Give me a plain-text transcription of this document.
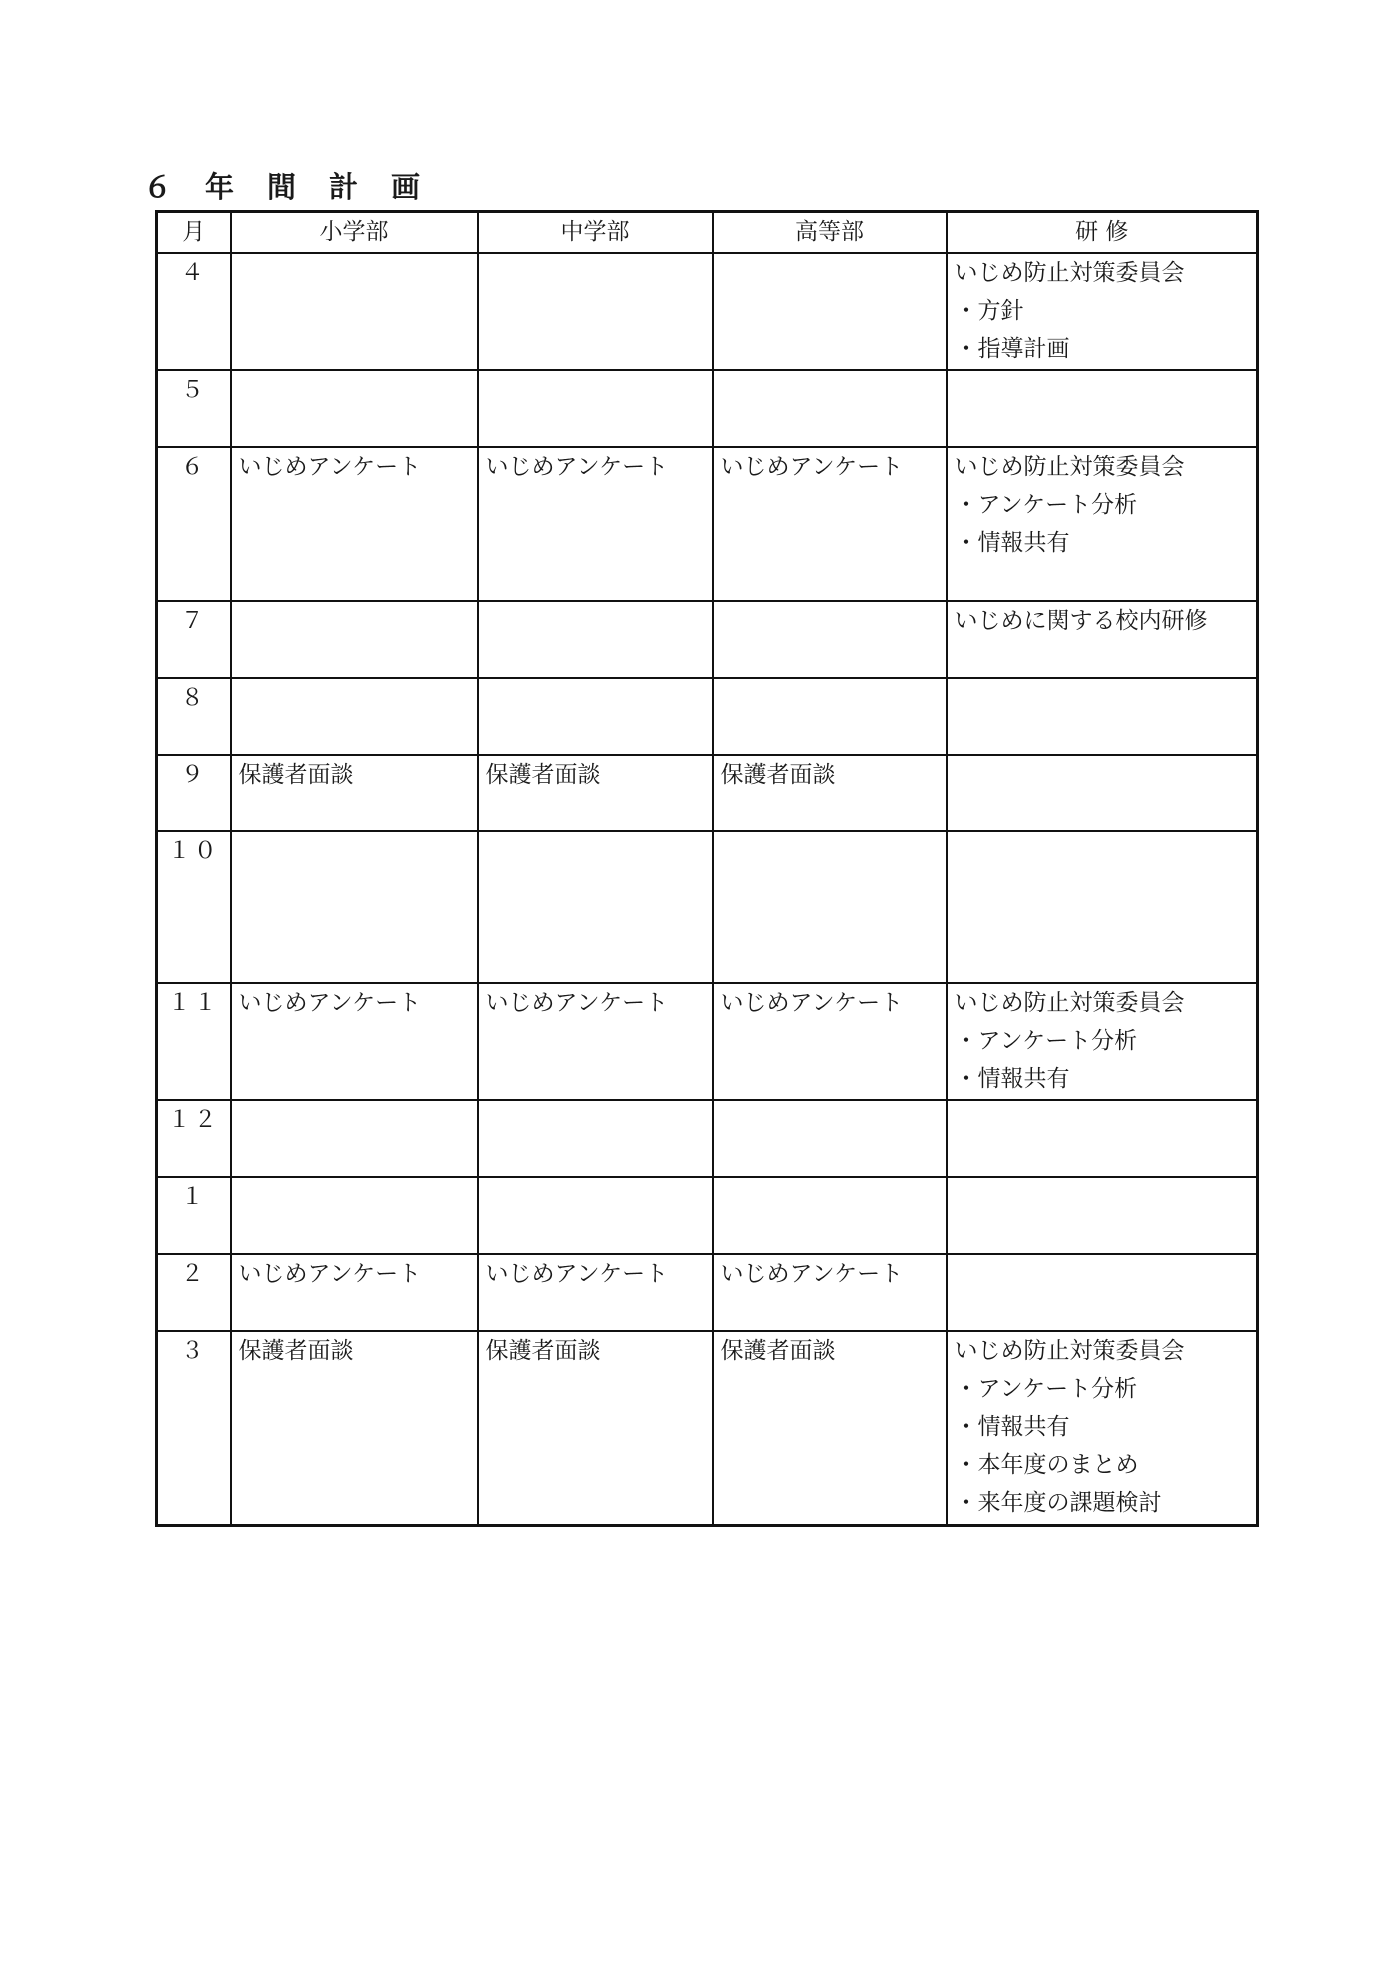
６　年　間　計　画
月	小学部	中学部	高等部	研 修
４				いじめ防止対策委員会
・方針
・指導計画

５				
６	いじめアンケート	いじめアンケート	いじめアンケート	いじめ防止対策委員会
・アンケート分析
・情報共有

７				いじめに関する校内研修

８				
９	保護者面談	保護者面談	保護者面談	
１０				
１１	いじめアンケート	いじめアンケート	いじめアンケート	いじめ防止対策委員会
・アンケート分析
・情報共有

１２				
１				
２	いじめアンケート	いじめアンケート	いじめアンケート	
３	保護者面談	保護者面談	保護者面談	いじめ防止対策委員会
・アンケート分析
・情報共有
・本年度のまとめ
・来年度の課題検討
